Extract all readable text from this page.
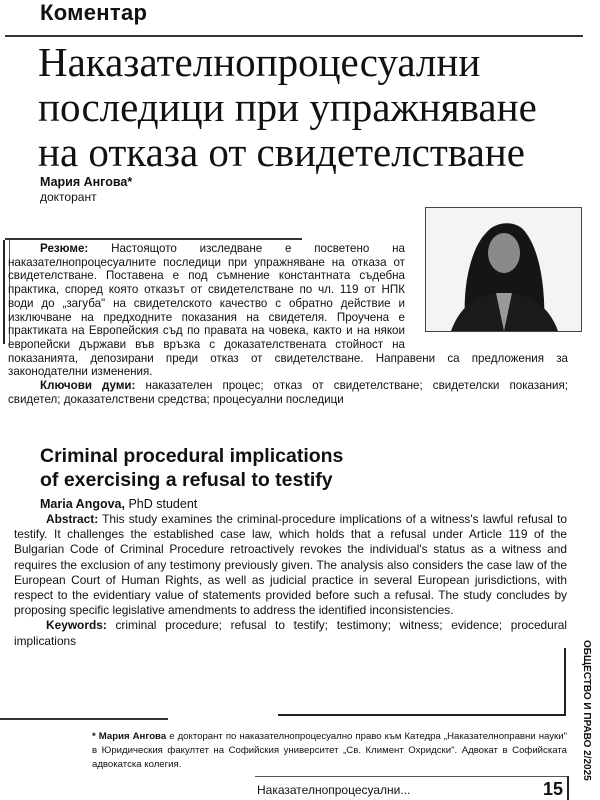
Коментар
Наказателнопроцесуални
последици при упражняване
на отказа от свидетелстване
Мария Ангова*
докторант

Резюме: Настоящото изследване е посветено на наказателнопроцесуалните последици при упражняване на отказа от свидетелстване. Поставена е под съмнение константната съдебна практика, според която отказът от свидетелстване по чл. 119 от НПК води до „загуба" на свидетелското качество с обратно действие и изключване на предходните показания на свидетеля. Проучена е практиката на Европейския съд по правата на човека, както и на някои европейски държави във връзка с доказателствената стойност на показанията, депозирани преди отказ от свидетелстване. Направени са предложения за законодателни изменения.

Ключови думи: наказателен процес; отказ от свидетелстване; свидетелски показания; свидетел; доказателствени средства; процесуални последици

Criminal procedural implications
of exercising a refusal to testify
Maria Angova, PhD student

Abstract: This study examines the criminal-procedure implications of a witness's lawful refusal to testify. It challenges the established case law, which holds that a refusal under Article 119 of the Bulgarian Code of Criminal Procedure retroactively revokes the individual's status as a witness and requires the exclusion of any testimony previously given. The analysis also considers the case law of the European Court of Human Rights, as well as judicial practice in several European jurisdictions, with respect to the evidentiary value of statements provided before such a refusal. The study concludes by proposing specific legislative amendments to address the identified inconsistencies.

Keywords: criminal procedure; refusal to testify; testimony; witness; evidence; procedural implications	ОБЩЕСТВО И ПРАВО 2/2025
* Мария Ангова е докторант по наказателнопроцесуално право към Катедра „Наказателноправни науки" в Юридическия факултет на Софийския университет „Св. Климент Охридски". Адвокат в Софийската адвокатска колегия.
Наказателнопроцесуални...	15
